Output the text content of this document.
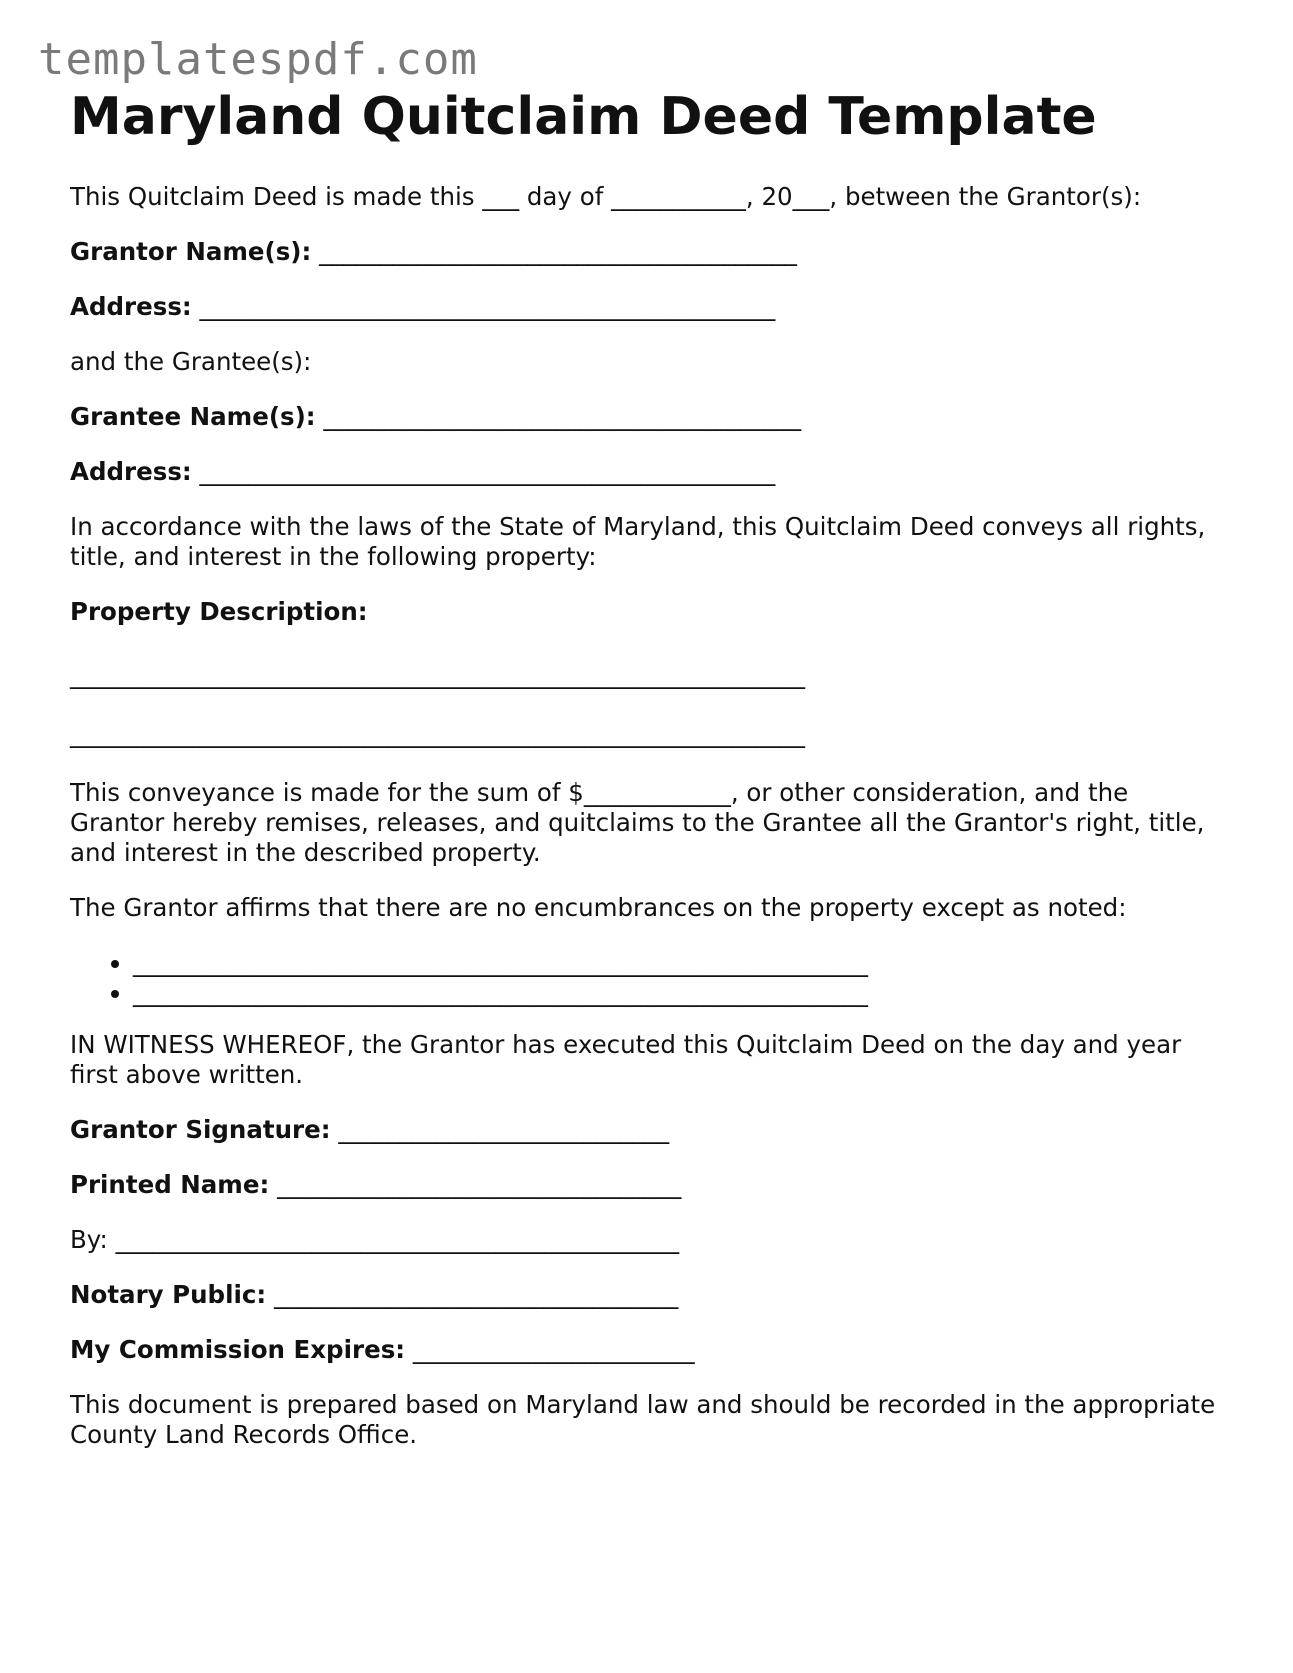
templatespdf.com
Maryland Quitclaim Deed Template

This Quitclaim Deed is made this ___ day of ___________, 20___, between the Grantor(s):

Grantor Name(s): _______________________________________

Address: _______________________________________________

and the Grantee(s):

Grantee Name(s): _______________________________________

Address: _______________________________________________

In accordance with the laws of the State of Maryland, this Quitclaim Deed conveys all rights, title, and interest in the following property:

Property Description:

____________________________________________________________

____________________________________________________________

This conveyance is made for the sum of $____________, or other consideration, and the Grantor hereby remises, releases, and quitclaims to the Grantee all the Grantor's right, title, and interest in the described property.

The Grantor affirms that there are no encumbrances on the property except as noted:

• ____________________________________________________________
• ____________________________________________________________

IN WITNESS WHEREOF, the Grantor has executed this Quitclaim Deed on the day and year first above written.

Grantor Signature: ___________________________

Printed Name: _________________________________

By: ______________________________________________

Notary Public: _________________________________

My Commission Expires: _______________________

This document is prepared based on Maryland law and should be recorded in the appropriate County Land Records Office.
